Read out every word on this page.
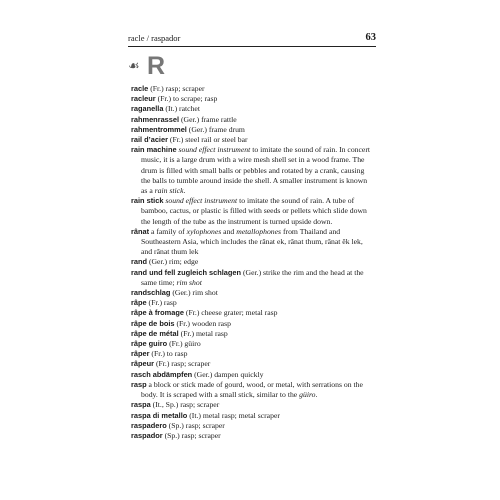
racle / raspador	63
☙ R

racle (Fr.) rasp; scraper

racleur (Fr.) to scrape; rasp

raganella (It.) ratchet

rahmenrassel (Ger.) frame rattle

rahmentrommel (Ger.) frame drum

rail d’acier (Fr.) steel rail or steel bar

rain machine sound effect instrument to imitate the sound of rain. In concert music, it is a large drum with a wire mesh shell set in a wood frame. The drum is filled with small balls or pebbles and rotated by a crank, causing the balls to tumble around inside the shell. A smaller instrument is known as a rain stick.

rain stick sound effect instrument to imitate the sound of rain. A tube of bamboo, cactus, or plastic is filled with seeds or pellets which slide down the length of the tube as the instrument is turned upside down.

rânat a family of xylophones and metallophones from Thailand and Southeastern Asia, which includes the rânat ek, rânat thum, rânat ěk lek, and rânat thum lek

rand (Ger.) rim; edge

rand und fell zugleich schlagen (Ger.) strike the rim and the head at the same time; rim shot

randschlag (Ger.) rim shot

râpe (Fr.) rasp

râpe à fromage (Fr.) cheese grater; metal rasp

râpe de bois (Fr.) wooden rasp

râpe de métal (Fr.) metal rasp

râpe guiro (Fr.) güiro

râper (Fr.) to rasp

râpeur (Fr.) rasp; scraper

rasch abdämpfen (Ger.) dampen quickly

rasp a block or stick made of gourd, wood, or metal, with serrations on the body. It is scraped with a small stick, similar to the güiro.

raspa (It., Sp.) rasp; scraper

raspa di metallo (It.) metal rasp; metal scraper

raspadero (Sp.) rasp; scraper

raspador (Sp.) rasp; scraper
